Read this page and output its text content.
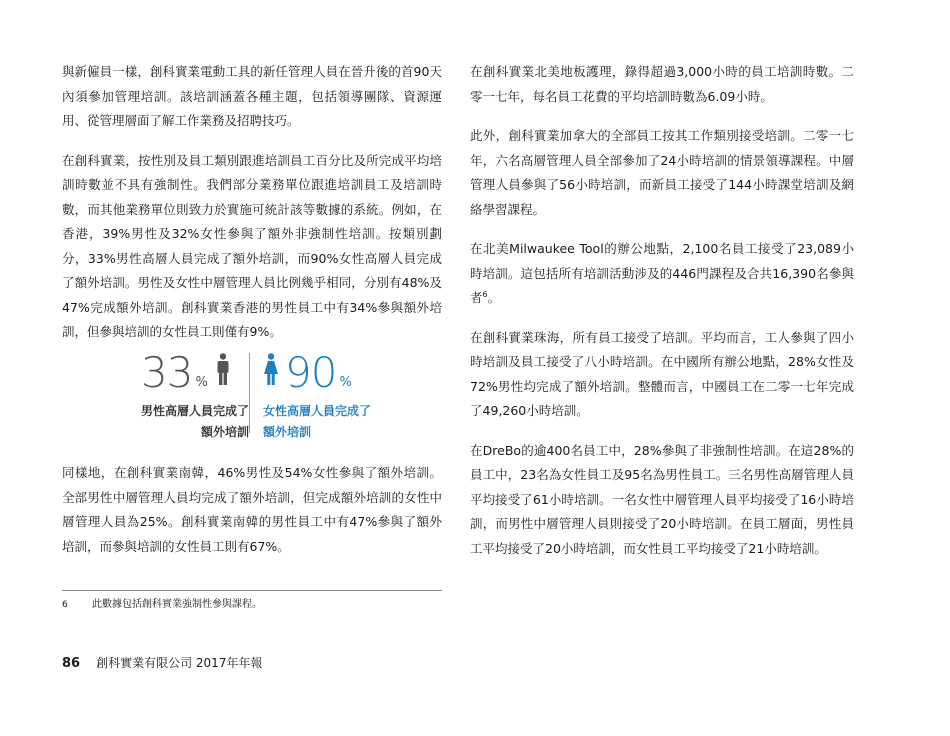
與新僱員一樣，創科實業電動工具的新任管理人員在晉升後的首90天內須參加管理培訓。該培訓涵蓋各種主題，包括領導團隊、資源運用、從管理層面了解工作業務及招聘技巧。

在創科實業，按性別及員工類別跟進培訓員工百分比及所完成平均培訓時數並不具有強制性。我們部分業務單位跟進培訓員工及培訓時數，而其他業務單位則致力於實施可統計該等數據的系統。例如，在香港，39%男性及32%女性參與了額外非強制性培訓。按類別劃分，33%男性高層人員完成了額外培訓，而90%女性高層人員完成了額外培訓。男性及女性中層管理人員比例幾乎相同，分別有48%及47%完成額外培訓。創科實業香港的男性員工中有34%參與額外培訓，但參與培訓的女性員工則僅有9%。

33 %
男性高層人員完成了
額外培訓
90 %
女性高層人員完成了
額外培訓

同樣地，在創科實業南韓，46%男性及54%女性參與了額外培訓。全部男性中層管理人員均完成了額外培訓，但完成額外培訓的女性中層管理人員為25%。創科實業南韓的男性員工中有47%參與了額外培訓，而參與培訓的女性員工則有67%。

在創科實業北美地板護理，錄得超過3,000小時的員工培訓時數。二零一七年，每名員工花費的平均培訓時數為6.09小時。

此外，創科實業加拿大的全部員工按其工作類別接受培訓。二零一七年，六名高層管理人員全部參加了24小時培訓的情景領導課程。中層管理人員參與了56小時培訓，而新員工接受了144小時課堂培訓及網絡學習課程。

在北美Milwaukee Tool的辦公地點，2,100名員工接受了23,089小時培訓。這包括所有培訓活動涉及的446門課程及合共16,390名參與者$^6$。

在創科實業珠海，所有員工接受了培訓。平均而言，工人參與了四小時培訓及員工接受了八小時培訓。在中國所有辦公地點，28%女性及72%男性均完成了額外培訓。整體而言，中國員工在二零一七年完成了49,260小時培訓。

在DreBo的逾400名員工中，28%參與了非強制性培訓。在這28%的員工中，23名為女性員工及95名為男性員工。三名男性高層管理人員平均接受了61小時培訓。一名女性中層管理人員平均接受了16小時培訓，而男性中層管理人員則接受了20小時培訓。在員工層面，男性員工平均接受了20小時培訓，而女性員工平均接受了21小時培訓。

6 此數據包括創科實業強制性參與課程。
86 創科實業有限公司 2017年年報
